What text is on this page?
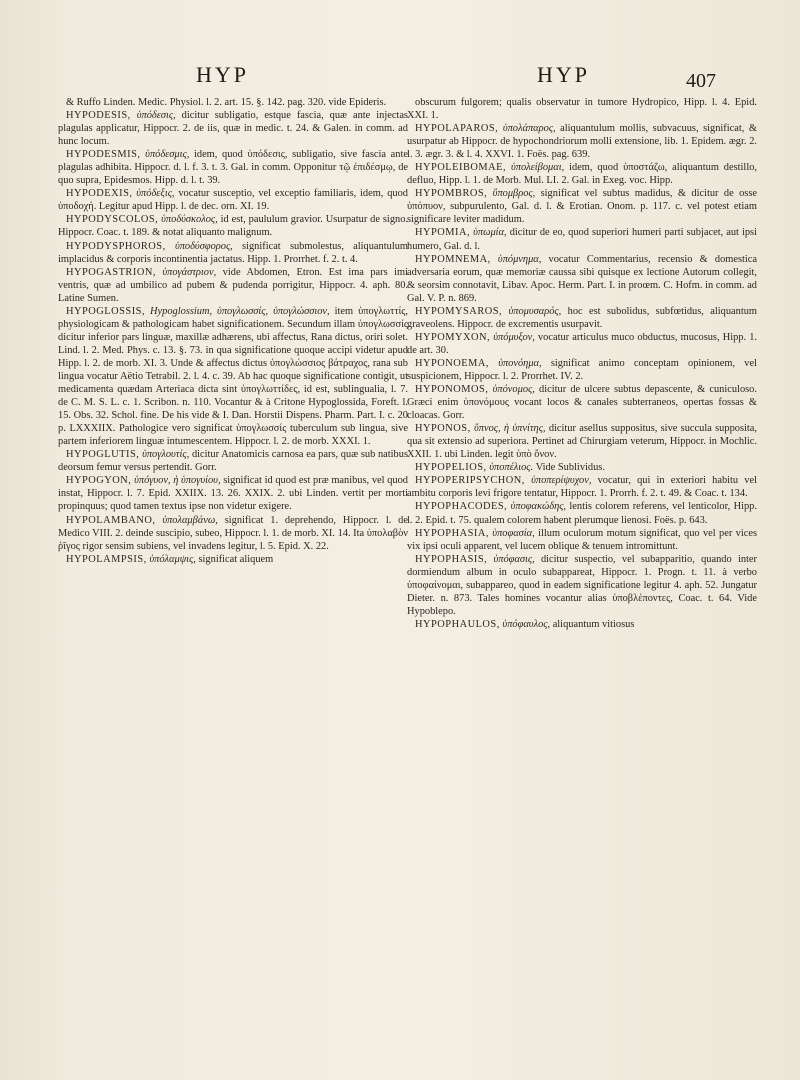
HYP	HYP	407

& Ruffo Linden. Medic. Physiol. l. 2. art. 15. §. 142. pag. 320. vide Epideris.

HYPODESIS, ὑπόδεσις, dicitur subligatio, estque fascia, quæ ante injectas plagulas applicatur, Hippocr. 2. de iis, quæ in medic. t. 24. & Galen. in comm. ad hunc locum.

HYPODESMIS, ὑπόδεσμις, idem, quod ὑπόδεσις, subligatio, sive fascia ante plagulas adhibita. Hippocr. d. l. f. 3. t. 3. Gal. in comm. Opponitur τῷ ἐπιδέσμῳ, de quo supra, Epidesmos. Hipp. d. l. t. 39.

HYPODEXIS, ὑπόδεξις, vocatur susceptio, vel exceptio familiaris, idem, quod ὑποδοχή. Legitur apud Hipp. l. de dec. orn. XI. 19.

HYPODYSCOLOS, ὑποδύσκολος, id est, paululum gravior. Usurpatur de signo. Hippocr. Coac. t. 189. & notat aliquanto malignum.

HYPODYSPHOROS, ὑποδύσφορος, significat submolestus, aliquantulum implacidus & corporis incontinentia jactatus. Hipp. 1. Prorrhet. f. 2. t. 4.

HYPOGASTRION, ὑπογάστριον, vide Abdomen, Etron. Est ima pars imi ventris, quæ ad umbilico ad pubem & pudenda porrigitur, Hippocr. 4. aph. 80. Latine Sumen.

HYPOGLOSSIS, Hypoglossium, ὑπογλωσσίς, ὑπογλώσσιον, item ὑπογλωττίς, physiologicam & pathologicam habet significationem. Secundum illam ὑπογλωσσίς dicitur inferior pars linguæ, maxillæ adhærens, ubi affectus, Rana dictus, oriri solet. Lind. l. 2. Med. Phys. c. 13. §. 73. in qua significatione quoque accipi videtur apud Hipp. l. 2. de morb. XI. 3. Unde & affectus dictus ὑπογλώσσιος βάτραχος, rana sub lingua vocatur Aëtio Tetrabil. 2. l. 4. c. 39. Ab hac quoque significatione contigit, ut medicamenta quædam Arteriaca dicta sint ὑπογλωττίδες, id est, sublingualia, l. 7. de C. M. S. L. c. 1. Scribon. n. 110. Vocantur & à Critone Hypoglossida, Foreft. l. 15. Obs. 32. Schol. fine. De his vide & I. Dan. Horstii Dispens. Pharm. Part. I. c. 20 p. LXXXIIX. Pathologice vero significat ὑπογλωσσίς tuberculum sub lingua, sive partem inferiorem linguæ intumescentem. Hippocr. l. 2. de morb. XXXI. 1.

HYPOGLUTIS, ὑπογλουτίς, dicitur Anatomicis carnosa ea pars, quæ sub natibus deorsum femur versus pertendit. Gorr.

HYPOGYON, ὑπόγυον, ἡ ὑπογυίου, significat id quod est præ manibus, vel quod instat, Hippocr. l. 7. Epid. XXIIX. 13. 26. XXIX. 2. ubi Linden. vertit per morti propinquus; quod tamen textus ipse non videtur exigere.

HYPOLAMBANO, ὑπολαμβάνω, significat 1. deprehendo, Hippocr. l. de Medico VIII. 2. deinde suscipio, subeo, Hippocr. l. 1. de morb. XI. 14. Ita ὑπολαβὸν ῥῖγος rigor sensim subiens, vel invadens legitur, l. 5. Epid. X. 22.

HYPOLAMPSIS, ὑπόλαμψις, significat aliquem

obscurum fulgorem; qualis observatur in tumore Hydropico, Hipp. l. 4. Epid. XXI. 1.

HYPOLAPAROS, ὑπολάπαρος, aliquantulum mollis, subvacuus, significat, & usurpatur ab Hippocr. de hypochondriorum molli extensione, lib. 1. Epidem. ægr. 2. l. 3. ægr. 3. & l. 4. XXVI. 1. Foës. pag. 639.

HYPOLEIBOMAE, ὑπολείβομαι, idem, quod ὑποστάζω, aliquantum destillo, defluo, Hipp. l. 1. de Morb. Mul. LI. 2. Gal. in Exeg. voc. Hipp.

HYPOMBROS, ὕπομβρος, significat vel subtus madidus, & dicitur de osse ὑπόπυον, subpurulento, Gal. d. l. & Erotian. Onom. p. 117. c. vel potest etiam significare leviter madidum.

HYPOMIA, ὑπωμία, dicitur de eo, quod superiori humeri parti subjacet, aut ipsi humero, Gal. d. l.

HYPOMNEMA, ὑπόμνημα, vocatur Commentarius, recensio & domestica adversaria eorum, quæ memoriæ caussa sibi quisque ex lectione Autorum collegit, & seorsim connotavit, Libav. Apoc. Herm. Part. I. in proœm. C. Hofm. in comm. ad Gal. V. P. n. 869.

HYPOMYSAROS, ὑπομυσαρός, hoc est subolidus, subfœtidus, aliquantum graveolens. Hippocr. de excrementis usurpavit.

HYPOMYXON, ὑπόμυξον, vocatur articulus muco obductus, mucosus, Hipp. 1. de art. 30.

HYPONOEMA, ὑπονόημα, significat animo conceptam opinionem, vel suspicionem, Hippocr. l. 2. Prorrhet. IV. 2.

HYPONOMOS, ὑπόνομος, dicitur de ulcere subtus depascente, & cuniculoso. Græci enim ὑπονόμους vocant locos & canales subterraneos, opertas fossas & cloacas. Gorr.

HYPONOS, ὕπνος, ἡ ὑπνίτης, dicitur asellus suppositus, sive succula supposita, qua sit extensio ad superiora. Pertinet ad Chirurgiam veterum, Hippocr. in Mochlic. XXII. 1. ubi Linden. legit ὑπὸ ὄνον.

HYPOPELIOS, ὑποπέλιος. Vide Sublividus.

HYPOPERIPSYCHON, ὑποπερίψυχον, vocatur, qui in exteriori habitu vel ambitu corporis levi frigore tentatur, Hippocr. 1. Prorrh. f. 2. t. 49. & Coac. t. 134.

HYPOPHACODES, ὑποφακώδης, lentis colorem referens, vel lenticolor, Hipp. l. 2. Epid. t. 75. qualem colorem habent plerumque lienosi. Foës. p. 643.

HYPOPHASIA, ὑποφασία, illum oculorum motum significat, quo vel per vices vix ipsi oculi apparent, vel lucem oblique & tenuem intromittunt.

HYPOPHASIS, ὑπόφασις, dicitur suspectio, vel subapparitio, quando inter dormiendum album in oculo subappareat, Hippocr. 1. Progn. t. 11. à verbo ὑποφαίνομαι, subappareo, quod in eadem significatione legitur 4. aph. 52. Jungatur Dieter. n. 873. Tales homines vocantur alias ὑποβλέποντες, Coac. t. 64. Vide Hypoblepo.

HYPOPHAULOS, ὑπόφαυλος, aliquantum vitiosus
